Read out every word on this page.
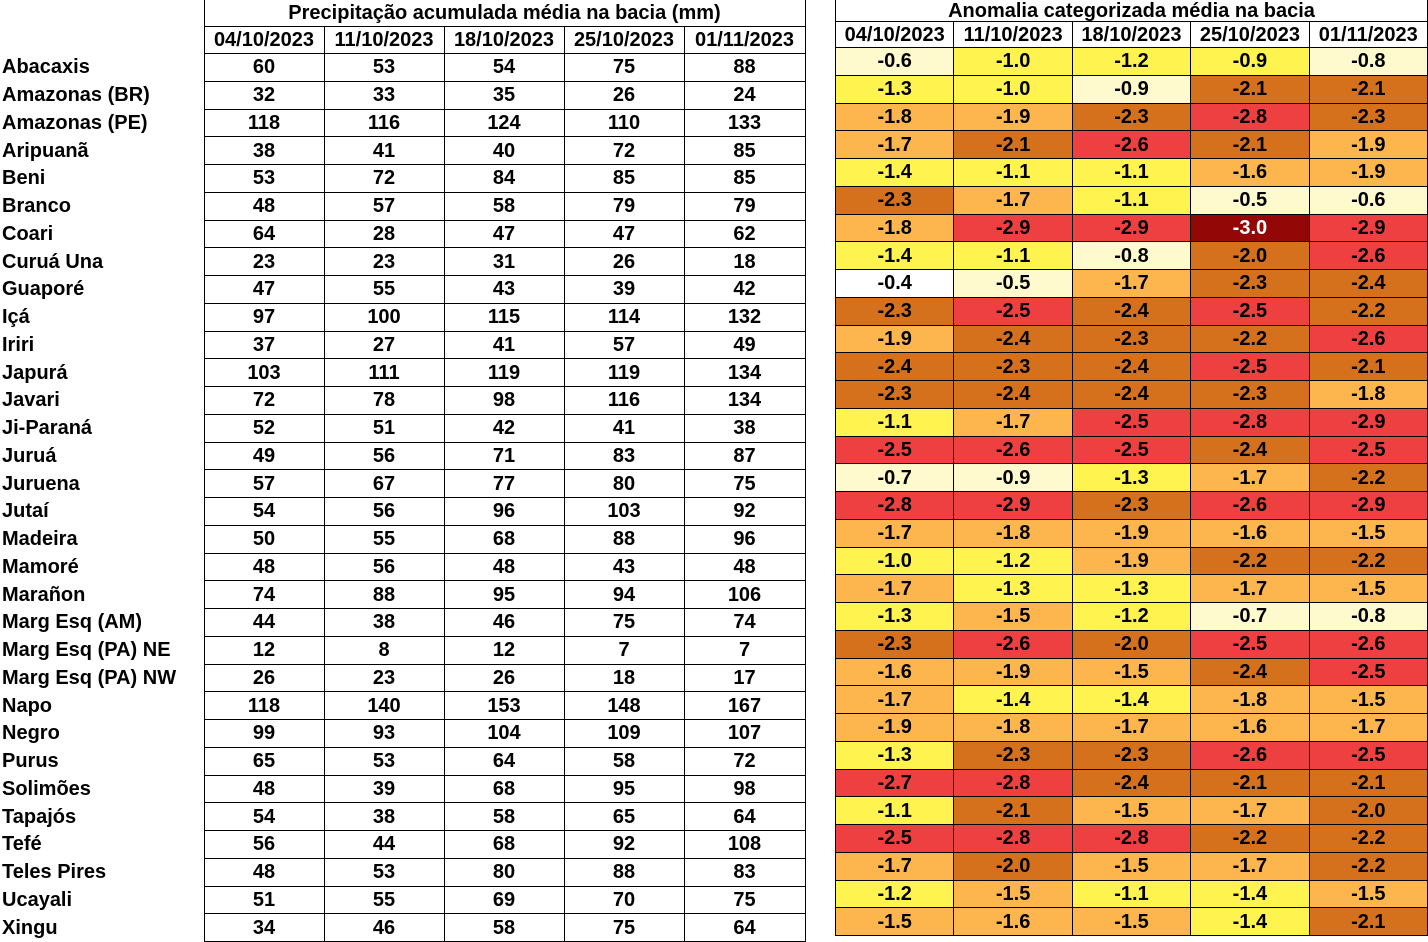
	Precipitação acumulada média na bacia (mm)				
	04/10/2023	11/10/2023	18/10/2023	25/10/2023	01/11/2023
Abacaxis	60	53	54	75	88
Amazonas (BR)	32	33	35	26	24
Amazonas (PE)	118	116	124	110	133
Aripuanã	38	41	40	72	85
Beni	53	72	84	85	85
Branco	48	57	58	79	79
Coari	64	28	47	47	62
Curuá Una	23	23	31	26	18
Guaporé	47	55	43	39	42
Içá	97	100	115	114	132
Iriri	37	27	41	57	49
Japurá	103	111	119	119	134
Javari	72	78	98	116	134
Ji-Paraná	52	51	42	41	38
Juruá	49	56	71	83	87
Juruena	57	67	77	80	75
Jutaí	54	56	96	103	92
Madeira	50	55	68	88	96
Mamoré	48	56	48	43	48
Marañon	74	88	95	94	106
Marg Esq (AM)	44	38	46	75	74
Marg Esq (PA) NE	12	8	12	7	7
Marg Esq (PA) NW	26	23	26	18	17
Napo	118	140	153	148	167
Negro	99	93	104	109	107
Purus	65	53	64	58	72
Solimões	48	39	68	95	98
Tapajós	54	38	58	65	64
Tefé	56	44	68	92	108
Teles Pires	48	53	80	88	83
Ucayali	51	55	69	70	75
Xingu	34	46	58	75	64
Anomalia categorizada média na bacia				
04/10/2023	11/10/2023	18/10/2023	25/10/2023	01/11/2023
-0.6	-1.0	-1.2	-0.9	-0.8
-1.3	-1.0	-0.9	-2.1	-2.1
-1.8	-1.9	-2.3	-2.8	-2.3
-1.7	-2.1	-2.6	-2.1	-1.9
-1.4	-1.1	-1.1	-1.6	-1.9
-2.3	-1.7	-1.1	-0.5	-0.6
-1.8	-2.9	-2.9	-3.0	-2.9
-1.4	-1.1	-0.8	-2.0	-2.6
-0.4	-0.5	-1.7	-2.3	-2.4
-2.3	-2.5	-2.4	-2.5	-2.2
-1.9	-2.4	-2.3	-2.2	-2.6
-2.4	-2.3	-2.4	-2.5	-2.1
-2.3	-2.4	-2.4	-2.3	-1.8
-1.1	-1.7	-2.5	-2.8	-2.9
-2.5	-2.6	-2.5	-2.4	-2.5
-0.7	-0.9	-1.3	-1.7	-2.2
-2.8	-2.9	-2.3	-2.6	-2.9
-1.7	-1.8	-1.9	-1.6	-1.5
-1.0	-1.2	-1.9	-2.2	-2.2
-1.7	-1.3	-1.3	-1.7	-1.5
-1.3	-1.5	-1.2	-0.7	-0.8
-2.3	-2.6	-2.0	-2.5	-2.6
-1.6	-1.9	-1.5	-2.4	-2.5
-1.7	-1.4	-1.4	-1.8	-1.5
-1.9	-1.8	-1.7	-1.6	-1.7
-1.3	-2.3	-2.3	-2.6	-2.5
-2.7	-2.8	-2.4	-2.1	-2.1
-1.1	-2.1	-1.5	-1.7	-2.0
-2.5	-2.8	-2.8	-2.2	-2.2
-1.7	-2.0	-1.5	-1.7	-2.2
-1.2	-1.5	-1.1	-1.4	-1.5
-1.5	-1.6	-1.5	-1.4	-2.1
